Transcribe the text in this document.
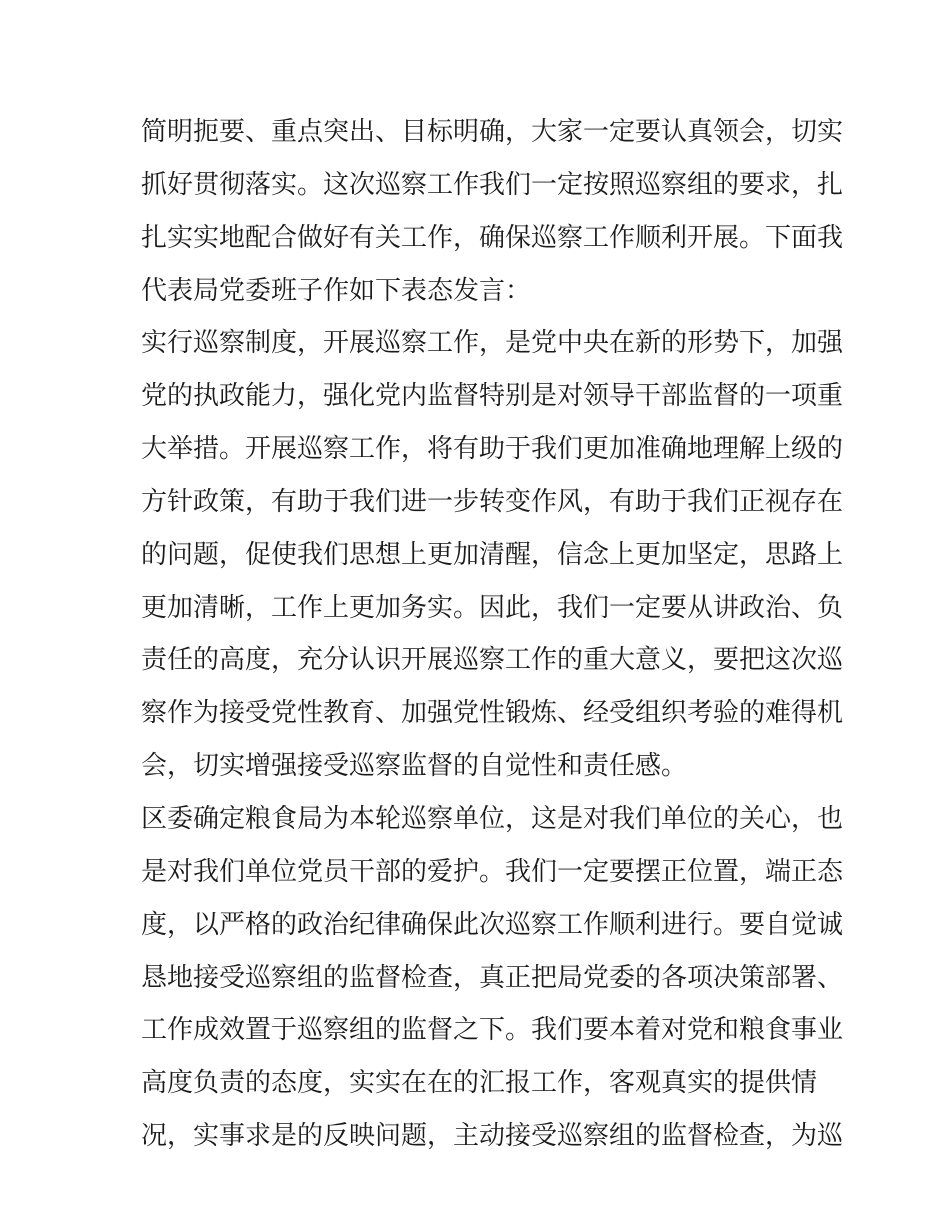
简明扼要、重点突出、目标明确，大家一定要认真领会，切实
抓好贯彻落实。这次巡察工作我们一定按照巡察组的要求，扎
扎实实地配合做好有关工作，确保巡察工作顺利开展。下面我
代表局党委班子作如下表态发言：
实行巡察制度，开展巡察工作，是党中央在新的形势下，加强
党的执政能力，强化党内监督特别是对领导干部监督的一项重
大举措。开展巡察工作，将有助于我们更加准确地理解上级的
方针政策，有助于我们进一步转变作风，有助于我们正视存在
的问题，促使我们思想上更加清醒，信念上更加坚定，思路上
更加清晰，工作上更加务实。因此，我们一定要从讲政治、负
责任的高度，充分认识开展巡察工作的重大意义，要把这次巡
察作为接受党性教育、加强党性锻炼、经受组织考验的难得机
会，切实增强接受巡察监督的自觉性和责任感。
区委确定粮食局为本轮巡察单位，这是对我们单位的关心，也
是对我们单位党员干部的爱护。我们一定要摆正位置，端正态
度，以严格的政治纪律确保此次巡察工作顺利进行。要自觉诚
恳地接受巡察组的监督检查，真正把局党委的各项决策部署、
工作成效置于巡察组的监督之下。我们要本着对党和粮食事业
高度负责的态度，实实在在的汇报工作，客观真实的提供情
况，实事求是的反映问题，主动接受巡察组的监督检查，为巡
